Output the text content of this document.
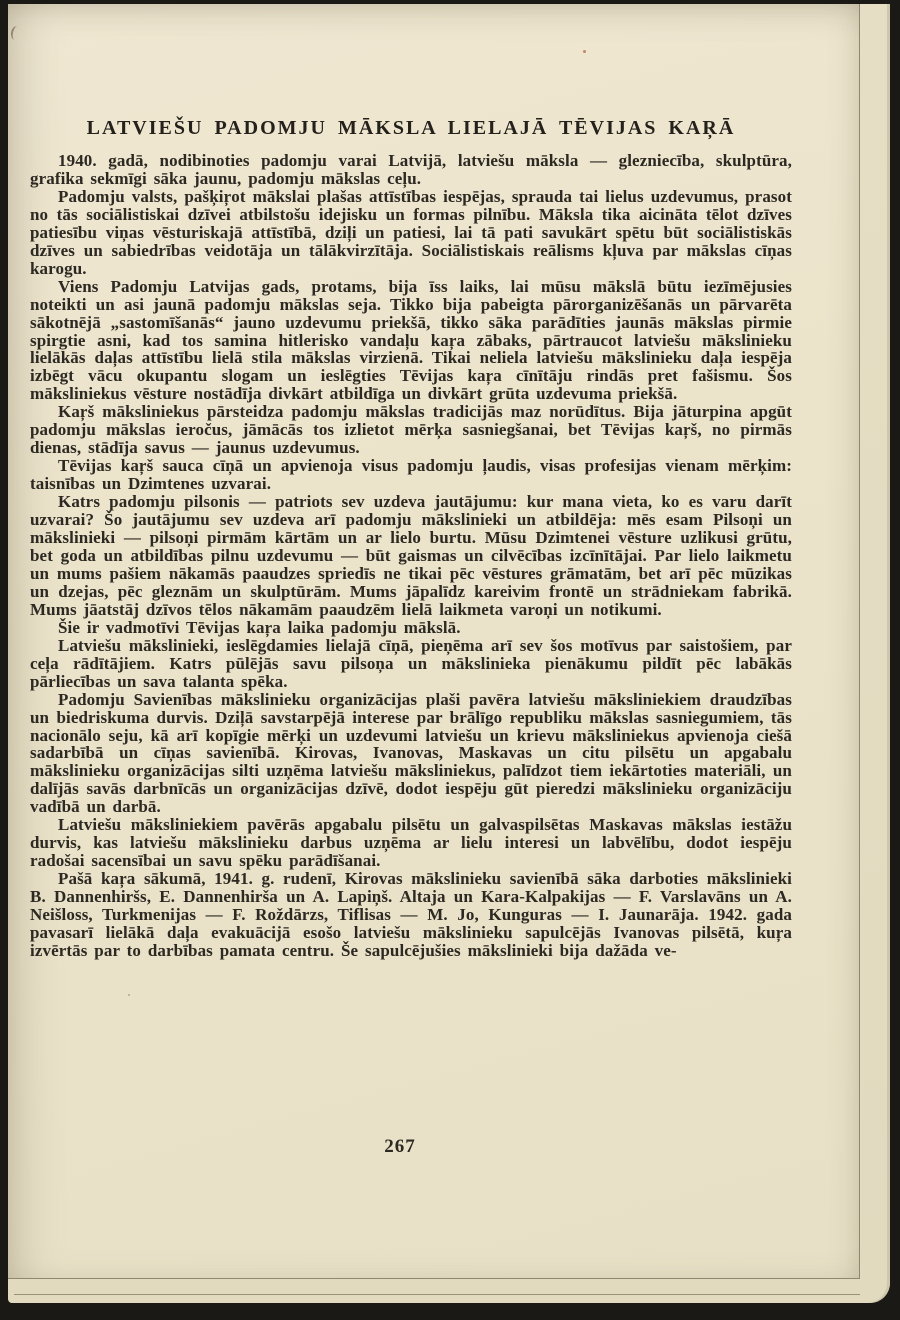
LATVIEŠU PADOMJU MĀKSLA LIELAJĀ TĒVIJAS KAŖĀ

1940. gadā, nodibinoties padomju varai Latvijā, latviešu māksla — glezniecība, skulptūra, grafika sekmīgi sāka jaunu, padomju mākslas ceļu.

Padomju valsts, pašķiŗot mākslai plašas attīstības iespējas, sprauda tai lielus uzdevumus, prasot no tās sociālistiskai dzīvei atbilstošu idejisku un formas pilnību. Māksla tika aicināta tēlot dzīves patiesību viņas vēsturiskajā attīstībā, dziļi un patiesi, lai tā pati savukārt spētu būt sociālistiskās dzīves un sabiedrības veidotāja un tālākvirzītāja. Sociālistiskais reālisms kļuva par mākslas cīņas karogu.

Viens Padomju Latvijas gads, protams, bija īss laiks, lai mūsu mākslā būtu iezīmējusies noteikti un asi jaunā padomju mākslas seja. Tikko bija pabeigta pārorganizēšanās un pārvarēta sākotnējā „sastomīšanās“ jauno uzdevumu priekšā, tikko sāka parādīties jaunās mākslas pirmie spirgtie asni, kad tos samina hitlerisko vandaļu kaŗa zābaks, pārtraucot latviešu mākslinieku lielākās daļas attīstību lielā stila mākslas virzienā. Tikai neliela latviešu mākslinieku daļa iespēja izbēgt vācu okupantu slogam un ieslēgties Tēvijas kaŗa cīnītāju rindās pret fašismu. Šos māksliniekus vēsture nostādīja divkārt atbildīga un divkārt grūta uzdevuma priekšā.

Kaŗš māksliniekus pārsteidza padomju mākslas tradicijās maz norūdītus. Bija jāturpina apgūt padomju mākslas ieročus, jāmācās tos izlietot mērķa sasniegšanai, bet Tēvijas kaŗš, no pirmās dienas, stādīja savus — jaunus uzdevumus.

Tēvijas kaŗš sauca cīņā un apvienoja visus padomju ļaudis, visas profesijas vienam mērķim: taisnības un Dzimtenes uzvarai.

Katrs padomju pilsonis — patriots sev uzdeva jautājumu: kur mana vieta, ko es varu darīt uzvarai? Šo jautājumu sev uzdeva arī padomju mākslinieki un atbildēja: mēs esam Pilsoņi un mākslinieki — pilsoņi pirmām kārtām un ar lielo burtu. Mūsu Dzimtenei vēsture uzlikusi grūtu, bet goda un atbildības pilnu uzdevumu — būt gaismas un cilvēcības izcīnītājai. Par lielo laikmetu un mums pašiem nākamās paaudzes spriedīs ne tikai pēc vēstures grāmatām, bet arī pēc mūzikas un dzejas, pēc gleznām un skulptūrām. Mums jāpalīdz kareivim frontē un strādniekam fabrikā. Mums jāatstāj dzīvos tēlos nākamām paaudzēm lielā laikmeta varoņi un notikumi.

Šie ir vadmotīvi Tēvijas kaŗa laika padomju mākslā.

Latviešu mākslinieki, ieslēgdamies lielajā cīņā, pieņēma arī sev šos motīvus par saistošiem, par ceļa rādītājiem. Katrs pūlējās savu pilsoņa un mākslinieka pienākumu pildīt pēc labākās pārliecības un sava talanta spēka.

Padomju Savienības mākslinieku organizācijas plaši pavēra latviešu māksliniekiem draudzības un biedriskuma durvis. Dziļā savstarpējā interese par brālīgo republiku mākslas sasniegumiem, tās nacionālo seju, kā arī kopīgie mērķi un uzdevumi latviešu un krievu māksliniekus apvienoja ciešā sadarbībā un cīņas savienībā. Kirovas, Ivanovas, Maskavas un citu pilsētu un apgabalu mākslinieku organizācijas silti uzņēma latviešu māksliniekus, palīdzot tiem iekārtoties materiāli, un dalījās savās darbnīcās un organizācijas dzīvē, dodot iespēju gūt pieredzi mākslinieku organizāciju vadībā un darbā.

Latviešu māksliniekiem pavērās apgabalu pilsētu un galvaspilsētas Maskavas mākslas iestāžu durvis, kas latviešu mākslinieku darbus uzņēma ar lielu interesi un labvēlību, dodot iespēju radošai sacensībai un savu spēku parādīšanai.

Pašā kaŗa sākumā, 1941. g. rudenī, Kirovas mākslinieku savienībā sāka darboties mākslinieki B. Dannenhiršs, E. Dannenhirša un A. Lapiņš. Altaja un Kara-Kalpakijas — F. Varslavāns un A. Neišloss, Turkmenijas — F. Roždārzs, Tiflisas — M. Jo, Kunguras — I. Jaunarāja. 1942. gada pavasarī lielākā daļa evakuācijā esošo latviešu mākslinieku sapulcējās Ivanovas pilsētā, kuŗa izvērtās par to darbības pamata centru. Še sapulcējušies mākslinieki bija dažāda ve-

267
